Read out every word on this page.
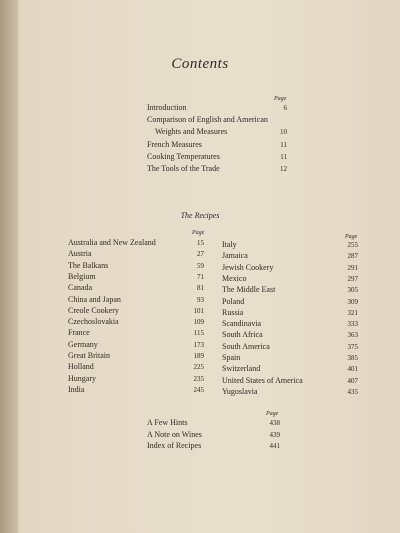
Contents
Page
Introduction	6
Comparison of English and American
Weights and Measures	10
French Measures	11
Cooking Temperatures	11
The Tools of the Trade	12
The Recipes
Page
Page
Australia and New Zealand	15
Austria	27
The Balkans	59
Belgium	71
Canada	81
China and Japan	93
Creole Cookery	101
Czechoslovakia	109
France	115
Germany	173
Great Britain	189
Holland	225
Hungary	235
India	245
Italy	255
Jamaica	287
Jewish Cookery	291
Mexico	297
The Middle East	305
Poland	309
Russia	321
Scandinavia	333
South Africa	363
South America	375
Spain	385
Switzerland	401
United States of America	407
Yugoslavia	435
Page
A Few Hints	438
A Note on Wines	439
Index of Recipes	441
